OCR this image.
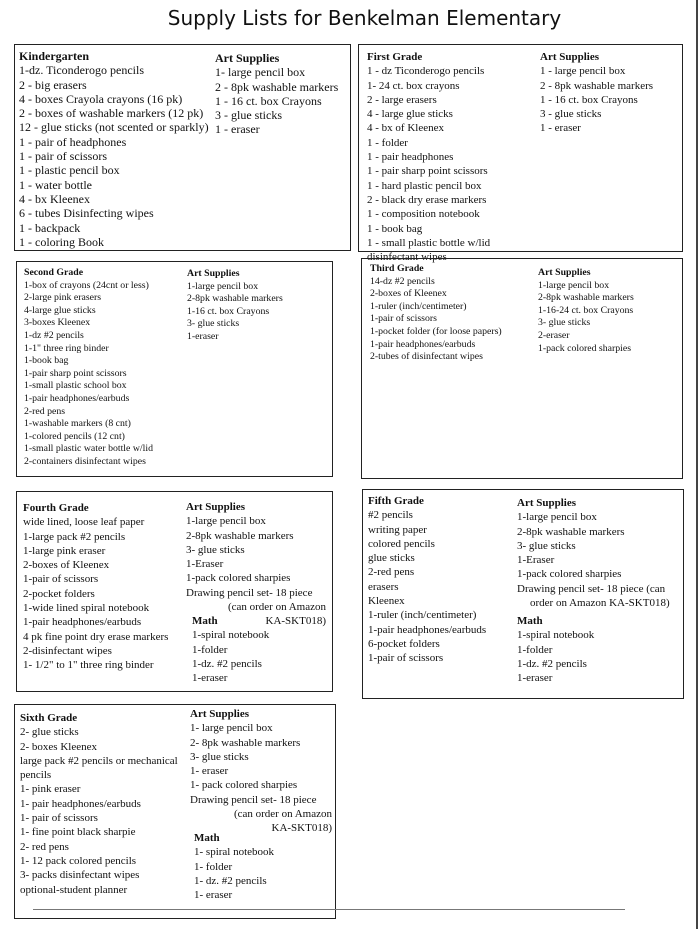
Supply Lists for Benkelman Elementary
Kindergarten
1-dz. Ticonderogo pencils
2 - big erasers
4 - boxes Crayola crayons (16 pk)
2 - boxes of washable markers (12 pk)
12 - glue sticks (not scented or sparkly)
1 - pair of headphones
1 - pair of scissors
1 - plastic pencil box
1 - water bottle
4 - bx Kleenex
6 - tubes Disinfecting wipes
1 - backpack
1 - coloring Book
Art Supplies
1- large pencil box
2 - 8pk washable markers
1 - 16 ct. box Crayons
3 - glue sticks
1 - eraser
First Grade
1 - dz Ticonderogo pencils
1- 24 ct. box crayons
2 - large erasers
4 - large glue sticks
4 - bx of Kleenex
1 - folder
1 - pair headphones
1 - pair sharp point scissors
1 - hard plastic pencil box
2 - black dry erase markers
1 - composition notebook
1 - book bag
1 - small plastic bottle w/lid
disinfectant wipes
Art Supplies
1 - large pencil box
2 - 8pk washable markers
1 - 16 ct. box Crayons
3 - glue sticks
1 - eraser
Second Grade
1-box of crayons (24cnt or less)
2-large pink erasers
4-large glue sticks
3-boxes Kleenex
1-dz #2 pencils
1-1" three ring binder
1-book bag
1-pair sharp point scissors
1-small plastic school box
1-pair headphones/earbuds
2-red pens
1-washable markers (8 cnt)
1-colored pencils (12 cnt)
1-small plastic water bottle w/lid
2-containers disinfectant wipes
Art Supplies
1-large pencil box
2-8pk washable markers
1-16 ct. box Crayons
3- glue sticks
1-eraser
Third Grade
14-dz #2 pencils
2-boxes of Kleenex
1-ruler (inch/centimeter)
1-pair of scissors
1-pocket folder (for loose papers)
1-pair headphones/earbuds
2-tubes of disinfectant wipes
Art Supplies
1-large pencil box
2-8pk washable markers
1-16-24 ct. box Crayons
3- glue sticks
2-eraser
1-pack colored sharpies
Fourth Grade
wide lined, loose leaf paper
1-large pack #2 pencils
1-large pink eraser
2-boxes of Kleenex
1-pair of scissors
2-pocket folders
1-wide lined spiral notebook
1-pair headphones/earbuds
4 pk fine point dry erase markers
2-disinfectant wipes
1- 1/2" to 1" three ring binder
Art Supplies
1-large pencil box
2-8pk washable markers
3- glue sticks
1-Eraser
1-pack colored sharpies
Drawing pencil set- 18 piece
(can order on Amazon
KA-SKT018)
Math
1-spiral notebook
1-folder
1-dz. #2 pencils
1-eraser
Fifth Grade
#2 pencils
writing paper
colored pencils
glue sticks
2-red pens
erasers
Kleenex
1-ruler (inch/centimeter)
1-pair headphones/earbuds
6-pocket folders
1-pair of scissors
Art Supplies
1-large pencil box
2-8pk washable markers
3- glue sticks
1-Eraser
1-pack colored sharpies
Drawing pencil set- 18 piece (can
order on Amazon KA-SKT018)
Math
1-spiral notebook
1-folder
1-dz. #2 pencils
1-eraser
Sixth Grade
2- glue sticks
2- boxes Kleenex
large pack #2 pencils or mechanical pencils
1- pink eraser
1- pair headphones/earbuds
1- pair of scissors
1- fine point black sharpie
2- red pens
1- 12 pack colored pencils
3- packs disinfectant wipes
optional-student planner
Art Supplies
1- large pencil box
2- 8pk washable markers
3- glue sticks
1- eraser
1- pack colored sharpies
Drawing pencil set- 18 piece
(can order on Amazon
KA-SKT018)
Math
1- spiral notebook
1- folder
1- dz. #2 pencils
1- eraser
